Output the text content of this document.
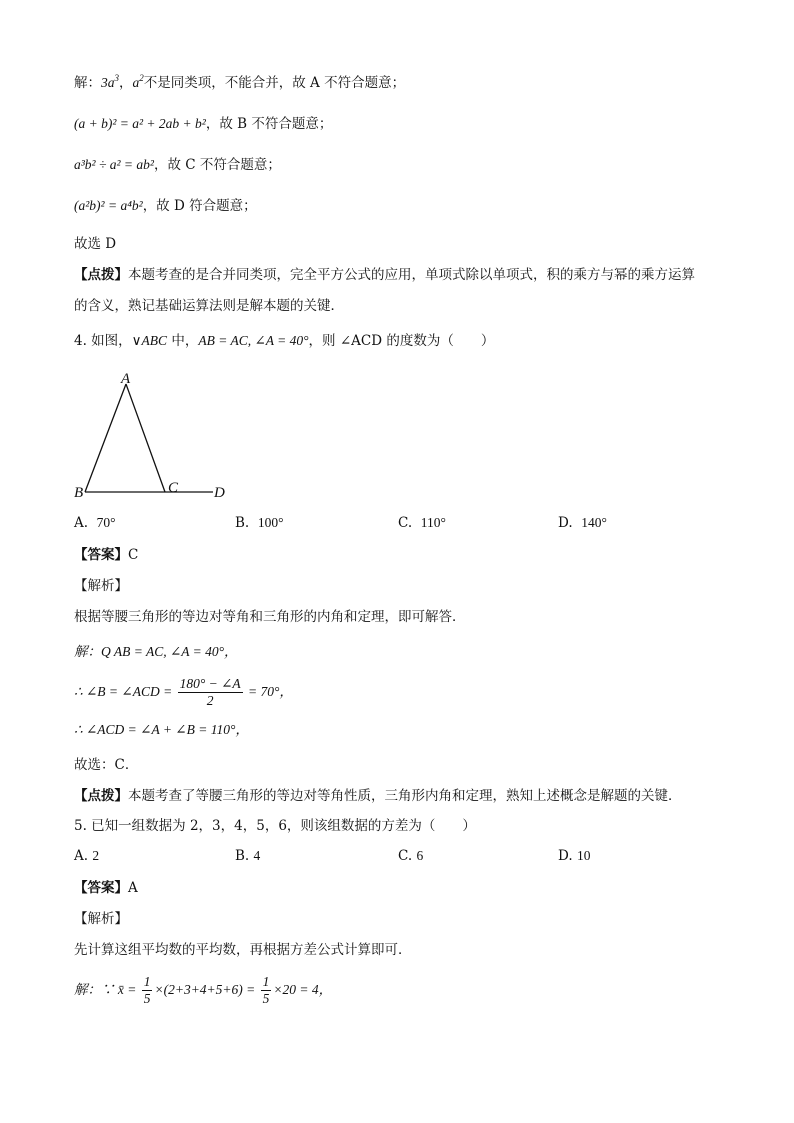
解：$3a^3$，$a^2$不是同类项，不能合并，故 A 不符合题意；
(a + b)² = a² + 2ab + b²，故 B 不符合题意；
a³b² ÷ a² = ab²，故 C 不符合题意；
(a²b)² = a⁴b²，故 D 符合题意；
故选 D
【点拨】本题考查的是合并同类项，完全平方公式的应用，单项式除以单项式，积的乘方与幂的乘方运算
的含义，熟记基础运算法则是解本题的关键．
4. 如图，∨ABC 中，AB = AC, ∠A = 40°，则 ∠ACD 的度数为（　　）
A
B	C D
A. 70°	B. 100°	C. 110°	D. 140°
【答案】C
【解析】
根据等腰三角形的等边对等角和三角形的内角和定理，即可解答．
解：Q AB = AC, ∠A = 40°，
∴ ∠B = ∠ACD = $\frac{180^\circ - \angle A}{2} = 70^\circ$，
∴ ∠ACD = ∠A + ∠B = 110°，
故选：C．
【点拨】本题考查了等腰三角形的等边对等角性质，三角形内角和定理，熟知上述概念是解题的关键．
5. 已知一组数据为 2，3，4，5，6，则该组数据的方差为（　　）
A. 2	B. 4	C. 6	D. 10
【答案】A
【解析】
先计算这组平均数的平均数，再根据方差公式计算即可．
解：∵ x̄ = $\frac{1}{5} \times(2+3+4+5+6) = \frac{1}{5} \times 20 = 4$，
